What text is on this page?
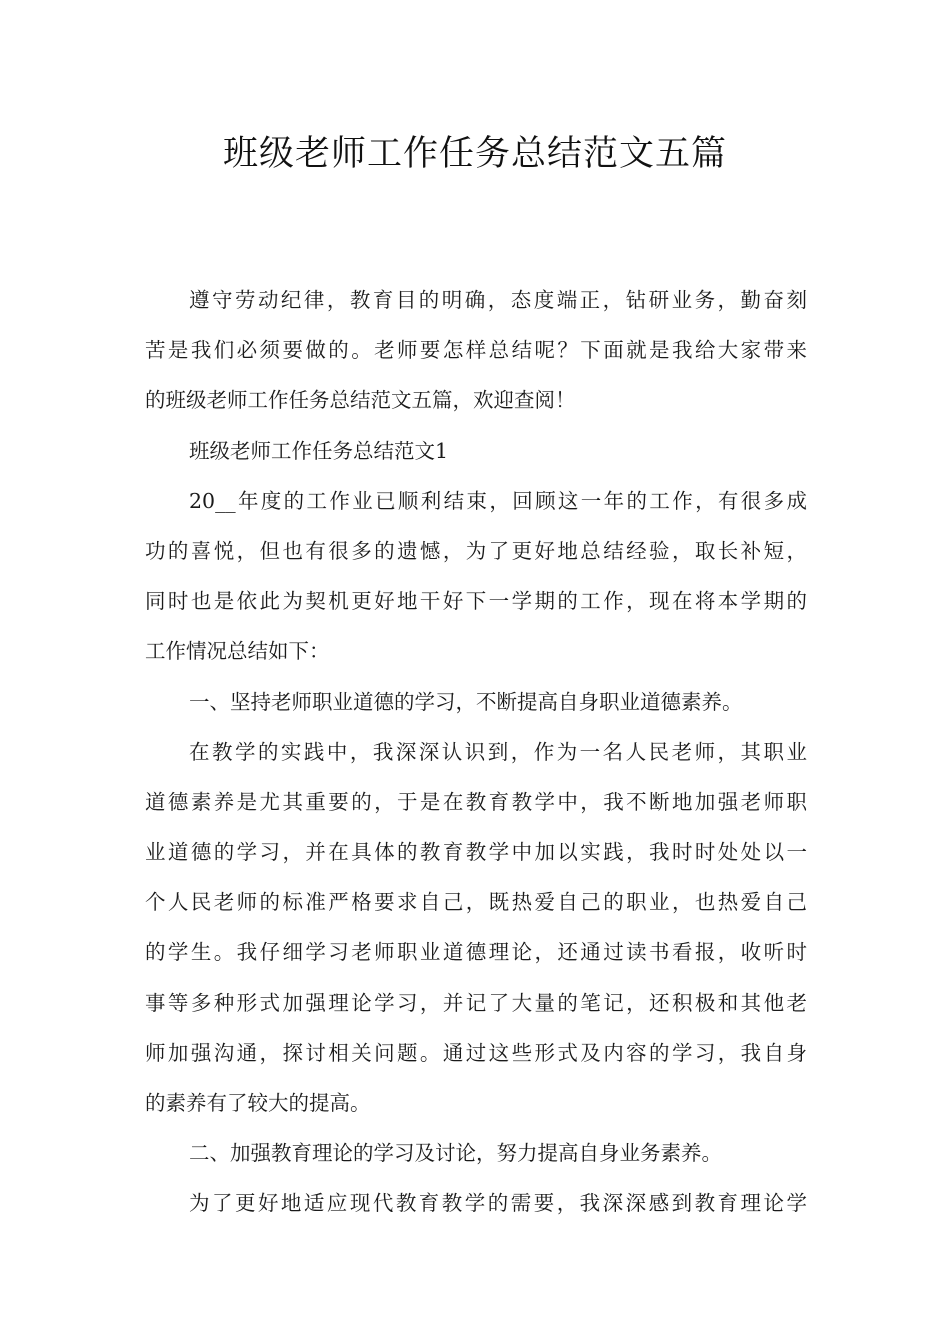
班级老师工作任务总结范文五篇
遵守劳动纪律，教育目的明确，态度端正，钻研业务，勤奋刻
苦是我们必须要做的。老师要怎样总结呢？下面就是我给大家带来
的班级老师工作任务总结范文五篇，欢迎查阅！
班级老师工作任务总结范文1
20__年度的工作业已顺利结束，回顾这一年的工作，有很多成
功的喜悦，但也有很多的遗憾，为了更好地总结经验，取长补短，
同时也是依此为契机更好地干好下一学期的工作，现在将本学期的
工作情况总结如下：
一、坚持老师职业道德的学习，不断提高自身职业道德素养。
在教学的实践中，我深深认识到，作为一名人民老师，其职业
道德素养是尤其重要的，于是在教育教学中，我不断地加强老师职
业道德的学习，并在具体的教育教学中加以实践，我时时处处以一
个人民老师的标准严格要求自己，既热爱自己的职业，也热爱自己
的学生。我仔细学习老师职业道德理论，还通过读书看报，收听时
事等多种形式加强理论学习，并记了大量的笔记，还积极和其他老
师加强沟通，探讨相关问题。通过这些形式及内容的学习，我自身
的素养有了较大的提高。
二、加强教育理论的学习及讨论，努力提高自身业务素养。
为了更好地适应现代教育教学的需要，我深深感到教育理论学
